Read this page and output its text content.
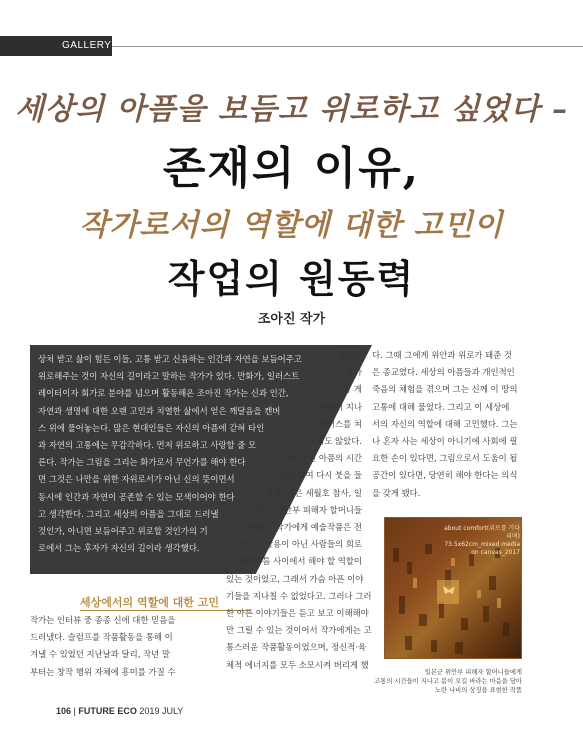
GALLERY
세상의 아픔을 보듬고 위로하고 싶었다 –
존재의 이유,
작가로서의 역할에 대한 고민이
작업의 원동력
조아진 작가
상처 받고 삶이 힘든 이들, 고통 받고 신음하는 인간과 자연을 보듬어주고
위로해주는 것이 자신의 길이라고 말하는 작가가 있다. 만화가, 일러스트
레이터이자 회가로 분야를 넘으며 활동해온 조아진 작가는 신과 인간,
자연과 생명에 대한 오랜 고민과 치열한 삶에서 얻은 깨달음을 캔버
스 위에 풀어놓는다. 많은 현대인들은 자신의 아픔에 갇혀 타인
과 자연의 고통에는 무감각하다. 먼저 위로하고 사랑할 줄 모
른다. 작가는 그림을 그리는 화가로서 무언가를 해야 한다
면 그것은 나만을 위한 자위로서가 아닌 신의 뜻이면서
동시에 인간과 자연이 공존할 수 있는 모색이어야 한다
고 생각한다. 그리고 세상의 아픔을 그대로 드러낼
것인가, 아니면 보듬어주고 위로할 것인가의 기
로에서 그는 후자가 자신의 길이라 생각했다.
세상에서의 역할에 대한 고민
작가는 인터뷰 중 종종 신에 대한 믿음을
드러냈다. 슬럼프를 작품활동을 통해 이
겨낼 수 있었던 지난날과 달리, 작년 말
부터는 창작 행위 자체에 흥미를 가질 수
없었다
고. 작가
는 그 렇 게
수개월이 지나
도록 캔버스를 쳐
다보지도 않았다.
개인적인 아픔의 시간
들과 엮여 다시 붓을 들
게 한 것은 세월호 참사, 일
본군 위안부 피해자 할머니들
이었다. 작가에게 예술작품은 전
시나 감상용이 아닌 사람들의 희로
애락의 틈 사이에서 해야 할 역할이
있는 것이었고, 그래서 가슴 아픈 이야
기들을 지나칠 수 없었다고. 그러나 그러
한 아픈 이야기들은 듣고 보고 이해해야
만 그릴 수 있는 것이어서 작가에게는 고
통스러운 작품활동이었으며, 정신적·육
체적 에너지를 모두 소모시켜 버리게 했
다. 그때 그에게 위안과 위로가 돼준 것
은 종교였다. 세상의 아픔들과 개인적인
죽음의 체험을 겪으며 그는 신께 이 땅의
고통에 대해 물었다. 그리고 이 세상에
서의 자신의 역할에 대해 고민했다. 그는
나 혼자 사는 세상이 아니기에 사회에 필
요한 손이 있다면, 그림으로서 도움이 될
공간이 있다면, 당연히 해야 한다는 의식
을 갖게 됐다.
about comfort(위로를 기다리며)
73.5x62cm_mixed media on canvas_2017
일본군 위안부 피해자 할머니들에게
고통의 시간들이 지나고 봄이 오길 바라는 마음을 담아
노란 나비의 상징을 표현한 작품
106 | FUTURE ECO 2019 JULY
